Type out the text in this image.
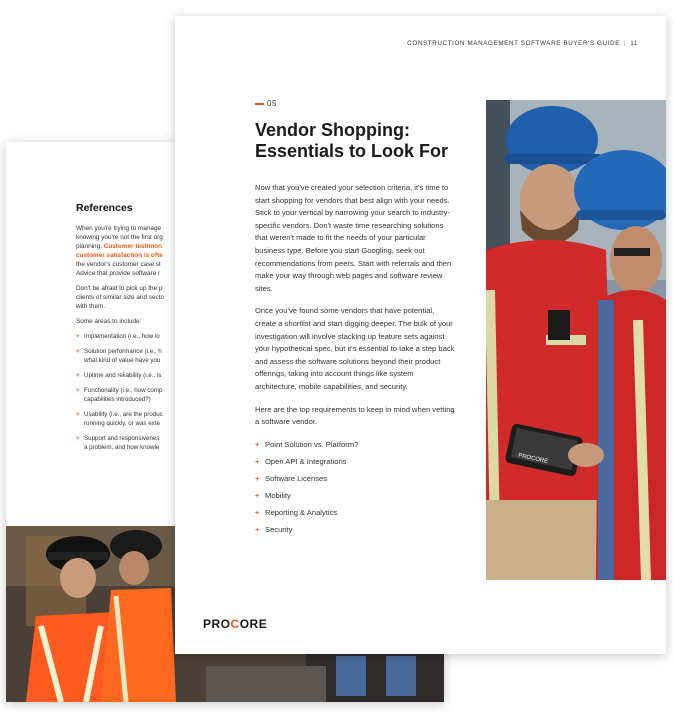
References
When you're trying to manage
knowing you're not the first org
planning. Customer testimon
customer satisfaction is ofte
the vendor's customer case st
Advice that provide software r
Don't be afraid to pick up the p
clients of similar size and secto
with them.
Some areas to include:
+ Implementation (i.e., how lo
+ Solution performance (i.e., h
what kind of value have you
+ Uptime and reliability (i.e., is
+ Functionality (i.e., how comp
capabilities introduced?)
+ Usability (i.e., are the produc
running quickly, or was exte
+ Support and responsivenes
a problem, and how knowle
CONSTRUCTION MANAGEMENT SOFTWARE BUYER'S GUIDE | 11
05
Vendor Shopping: Essentials to Look For

Now that you've created your selection criteria, it's time to start shopping for vendors that best align with your needs. Stick to your vertical by narrowing your search to industry-specific vendors. Don't waste time researching solutions that weren't made to fit the needs of your particular business type. Before you start Googling, seek out recommendations from peers. Start with referrals and then make your way through web pages and software review sites.

Once you've found some vendors that have potential, create a shortlist and start digging deeper. The bulk of your investigation will involve stacking up feature sets against your hypothetical spec, but it's essential to take a step back and assess the software solutions beyond their product offerings, taking into account things like system architecture, mobile capabilities, and security.

Here are the top requirements to keep in mind when vetting a software vendor.

+ Point Solution vs. Platform?
+ Open API & Integrations
+ Software Licenses
+ Mobility
+ Reporting & Analytics
+ Security
PROCORE
PROCORE
